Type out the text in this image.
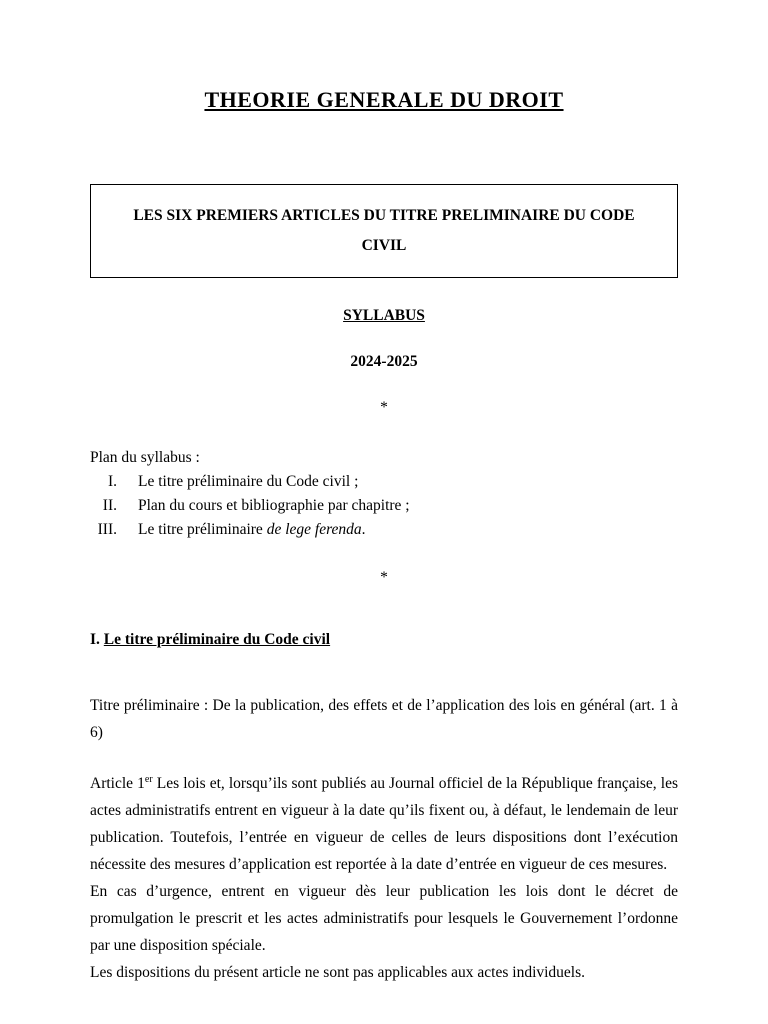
THEORIE GENERALE DU DROIT
LES SIX PREMIERS ARTICLES DU TITRE PRELIMINAIRE DU CODE CIVIL
SYLLABUS
2024-2025
*
Plan du syllabus :
I. Le titre préliminaire du Code civil ;
II. Plan du cours et bibliographie par chapitre ;
III. Le titre préliminaire de lege ferenda.
*
I. Le titre préliminaire du Code civil

Titre préliminaire : De la publication, des effets et de l’application des lois en général (art. 1 à 6)

Article 1er Les lois et, lorsqu’ils sont publiés au Journal officiel de la République française, les actes administratifs entrent en vigueur à la date qu’ils fixent ou, à défaut, le lendemain de leur publication. Toutefois, l’entrée en vigueur de celles de leurs dispositions dont l’exécution nécessite des mesures d’application est reportée à la date d’entrée en vigueur de ces mesures.

En cas d’urgence, entrent en vigueur dès leur publication les lois dont le décret de promulgation le prescrit et les actes administratifs pour lesquels le Gouvernement l’ordonne par une disposition spéciale.

Les dispositions du présent article ne sont pas applicables aux actes individuels.
